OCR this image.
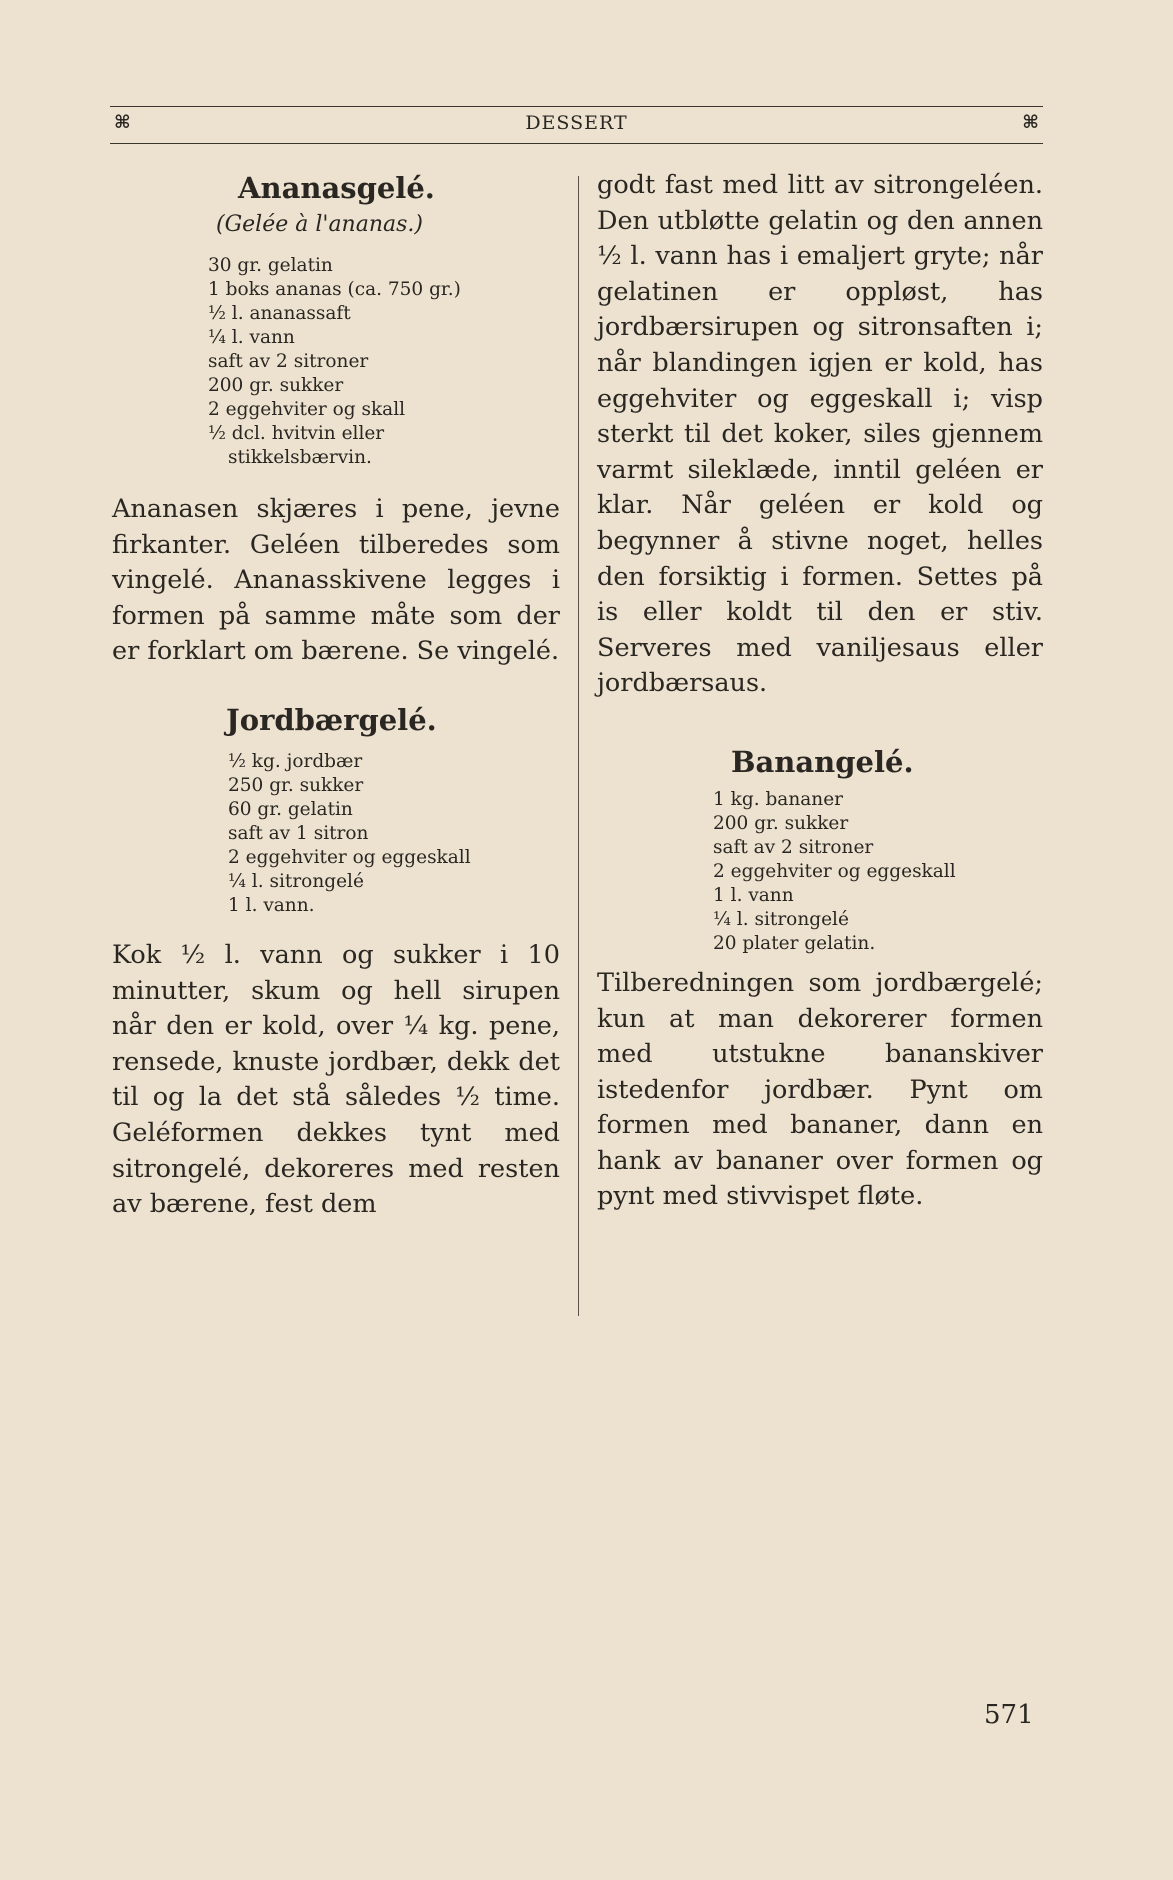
⌘	DESSERT	⌘
Ananasgelé.

(Gelée à l'ananas.)

30 gr. gelatin
1 boks ananas (ca. 750 gr.)
½ l. ananassaft
¼ l. vann
saft av 2 sitroner
200 gr. sukker
2 eggehviter og skall
½ dcl. hvitvin eller
stikkelsbærvin.

Ananasen skjæres i pene, jevne firkanter. Geléen tilberedes som vingelé. Ananasskivene legges i formen på samme måte som der er forklart om bærene. Se vingelé.

Jordbærgelé.
½ kg. jordbær
250 gr. sukker
60 gr. gelatin
saft av 1 sitron
2 eggehviter og eggeskall
¼ l. sitrongelé
1 l. vann.

Kok ½ l. vann og sukker i 10 minutter, skum og hell sirupen når den er kold, over ¼ kg. pene, rensede, knuste jordbær, dekk det til og la det stå således ½ time. Geléformen dekkes tynt med sitrongelé, dekoreres med resten av bærene, fest dem

godt fast med litt av sitrongeléen. Den utbløtte gelatin og den annen ½ l. vann has i emaljert gryte; når gelatinen er oppløst, has jordbærsirupen og sitronsaften i; når blandingen igjen er kold, has eggehviter og eggeskall i; visp sterkt til det koker, siles gjennem varmt sileklæde, inntil geléen er klar. Når geléen er kold og begynner å stivne noget, helles den forsiktig i formen. Settes på is eller koldt til den er stiv. Serveres med vaniljesaus eller jordbærsaus.

Banangelé.
1 kg. bananer
200 gr. sukker
saft av 2 sitroner
2 eggehviter og eggeskall
1 l. vann
¼ l. sitrongelé
20 plater gelatin.

Tilberedningen som jordbærgelé; kun at man dekorerer formen med utstukne bananskiver istedenfor jordbær. Pynt om formen med bananer, dann en hank av bananer over formen og pynt med stivvispet fløte.

571
